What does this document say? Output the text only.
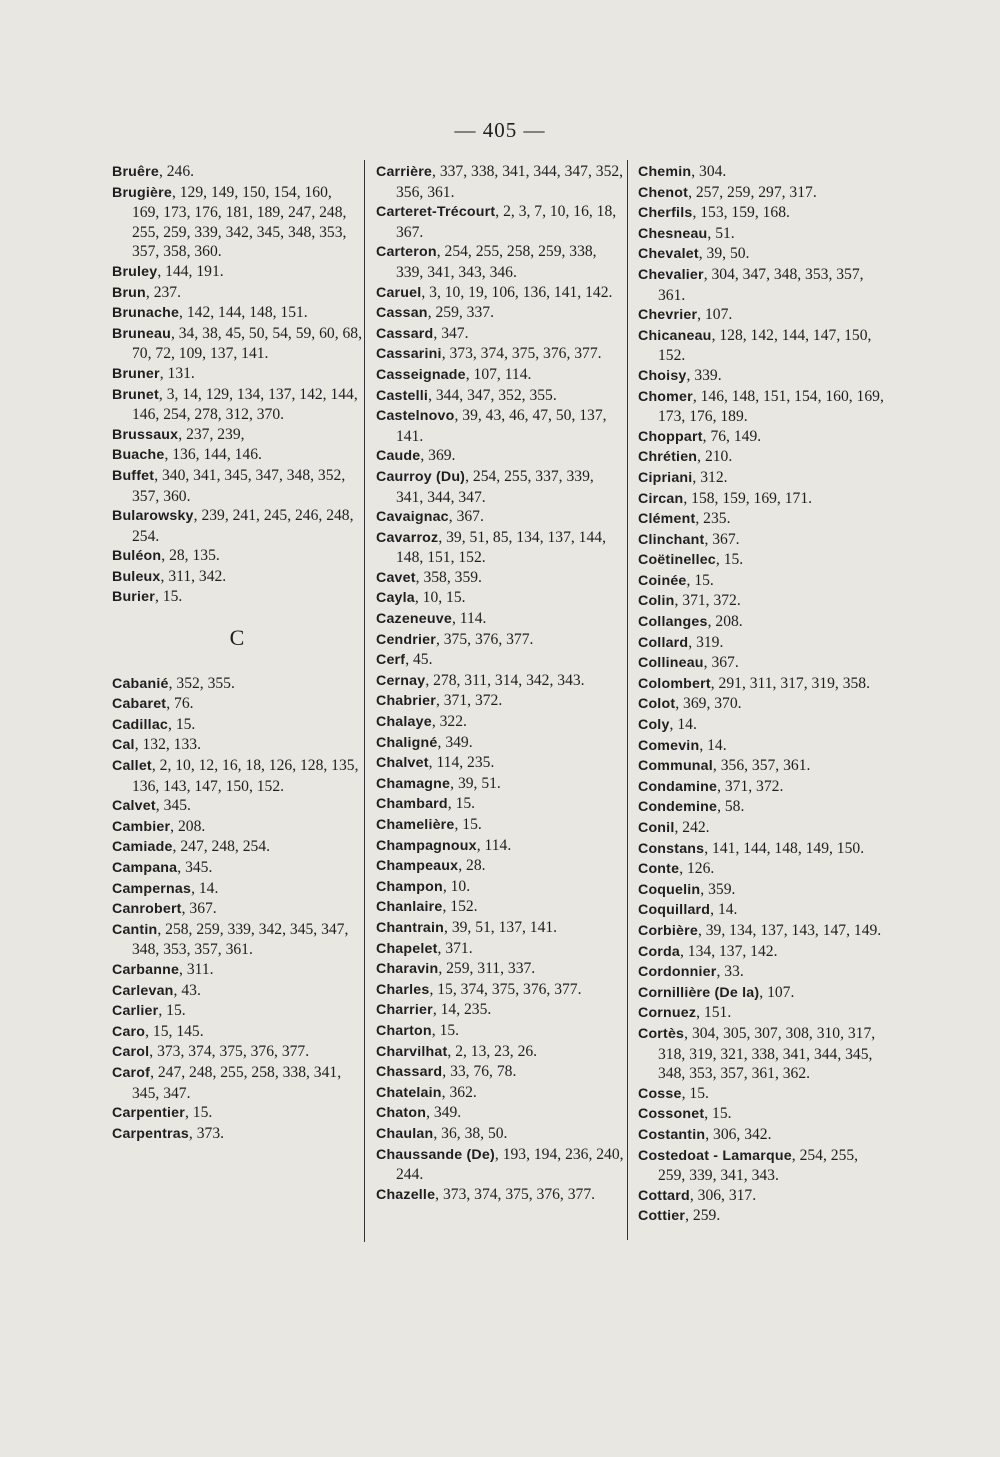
— 405 —

Bruêre, 246.

Brugière, 129, 149, 150, 154, 160, 169, 173, 176, 181, 189, 247, 248, 255, 259, 339, 342, 345, 348, 353, 357, 358, 360.

Bruley, 144, 191.

Brun, 237.

Brunache, 142, 144, 148, 151.

Bruneau, 34, 38, 45, 50, 54, 59, 60, 68, 70, 72, 109, 137, 141.

Bruner, 131.

Brunet, 3, 14, 129, 134, 137, 142, 144, 146, 254, 278, 312, 370.

Brussaux, 237, 239,

Buache, 136, 144, 146.

Buffet, 340, 341, 345, 347, 348, 352, 357, 360.

Bularowsky, 239, 241, 245, 246, 248, 254.

Buléon, 28, 135.

Buleux, 311, 342.

Burier, 15.

C

Cabanié, 352, 355.

Cabaret, 76.

Cadillac, 15.

Cal, 132, 133.

Callet, 2, 10, 12, 16, 18, 126, 128, 135, 136, 143, 147, 150, 152.

Calvet, 345.

Cambier, 208.

Camiade, 247, 248, 254.

Campana, 345.

Campernas, 14.

Canrobert, 367.

Cantin, 258, 259, 339, 342, 345, 347, 348, 353, 357, 361.

Carbanne, 311.

Carlevan, 43.

Carlier, 15.

Caro, 15, 145.

Carol, 373, 374, 375, 376, 377.

Carof, 247, 248, 255, 258, 338, 341, 345, 347.

Carpentier, 15.

Carpentras, 373.

Carrière, 337, 338, 341, 344, 347, 352, 356, 361.

Carteret-Trécourt, 2, 3, 7, 10, 16, 18, 367.

Carteron, 254, 255, 258, 259, 338, 339, 341, 343, 346.

Caruel, 3, 10, 19, 106, 136, 141, 142.

Cassan, 259, 337.

Cassard, 347.

Cassarini, 373, 374, 375, 376, 377.

Casseignade, 107, 114.

Castelli, 344, 347, 352, 355.

Castelnovo, 39, 43, 46, 47, 50, 137, 141.

Caude, 369.

Caurroy (Du), 254, 255, 337, 339, 341, 344, 347.

Cavaignac, 367.

Cavarroz, 39, 51, 85, 134, 137, 144, 148, 151, 152.

Cavet, 358, 359.

Cayla, 10, 15.

Cazeneuve, 114.

Cendrier, 375, 376, 377.

Cerf, 45.

Cernay, 278, 311, 314, 342, 343.

Chabrier, 371, 372.

Chalaye, 322.

Chaligné, 349.

Chalvet, 114, 235.

Chamagne, 39, 51.

Chambard, 15.

Chamelière, 15.

Champagnoux, 114.

Champeaux, 28.

Champon, 10.

Chanlaire, 152.

Chantrain, 39, 51, 137, 141.

Chapelet, 371.

Charavin, 259, 311, 337.

Charles, 15, 374, 375, 376, 377.

Charrier, 14, 235.

Charton, 15.

Charvilhat, 2, 13, 23, 26.

Chassard, 33, 76, 78.

Chatelain, 362.

Chaton, 349.

Chaulan, 36, 38, 50.

Chaussande (De), 193, 194, 236, 240, 244.

Chazelle, 373, 374, 375, 376, 377.

Chemin, 304.

Chenot, 257, 259, 297, 317.

Cherfils, 153, 159, 168.

Chesneau, 51.

Chevalet, 39, 50.

Chevalier, 304, 347, 348, 353, 357, 361.

Chevrier, 107.

Chicaneau, 128, 142, 144, 147, 150, 152.

Choisy, 339.

Chomer, 146, 148, 151, 154, 160, 169, 173, 176, 189.

Choppart, 76, 149.

Chrétien, 210.

Cipriani, 312.

Circan, 158, 159, 169, 171.

Clément, 235.

Clinchant, 367.

Coëtinellec, 15.

Coinée, 15.

Colin, 371, 372.

Collanges, 208.

Collard, 319.

Collineau, 367.

Colombert, 291, 311, 317, 319, 358.

Colot, 369, 370.

Coly, 14.

Comevin, 14.

Communal, 356, 357, 361.

Condamine, 371, 372.

Condemine, 58.

Conil, 242.

Constans, 141, 144, 148, 149, 150.

Conte, 126.

Coquelin, 359.

Coquillard, 14.

Corbière, 39, 134, 137, 143, 147, 149.

Corda, 134, 137, 142.

Cordonnier, 33.

Cornillière (De la), 107.

Cornuez, 151.

Cortès, 304, 305, 307, 308, 310, 317, 318, 319, 321, 338, 341, 344, 345, 348, 353, 357, 361, 362.

Cosse, 15.

Cossonet, 15.

Costantin, 306, 342.

Costedoat - Lamarque, 254, 255, 259, 339, 341, 343.

Cottard, 306, 317.

Cottier, 259.
